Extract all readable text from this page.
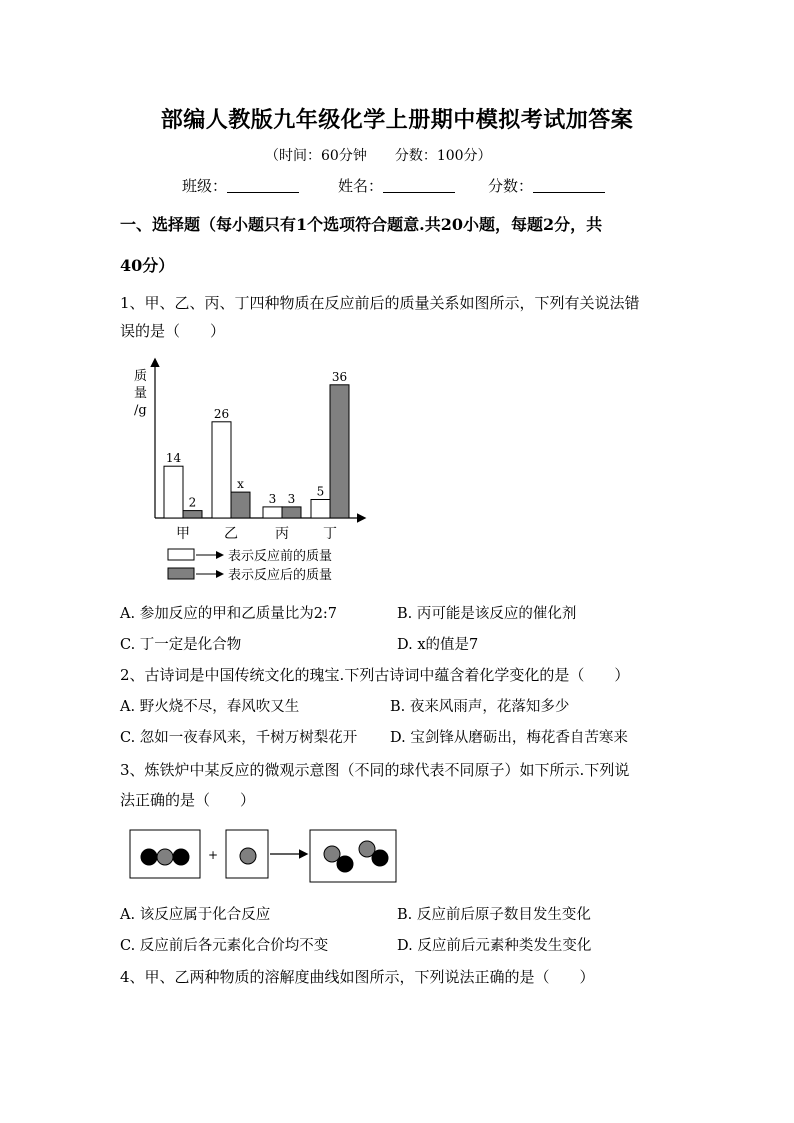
部编人教版九年级化学上册期中模拟考试加答案
（时间：60分钟　　分数：100分）
班级：	姓名：	分数：
一、选择题（每小题只有1个选项符合题意.共20小题，每题2分，共
40分）
1、甲、乙、丙、丁四种物质在反应前后的质量关系如图所示，下列有关说法错
误的是（　　）
质
量
/g
14
2
甲
26
x
乙
3 3
丙
5
36
丁
表示反应前的质量
表示反应后的质量
A. 参加反应的甲和乙质量比为2:7	B. 丙可能是该反应的催化剂
C. 丁一定是化合物	D. x的值是7
2、古诗词是中国传统文化的瑰宝.下列古诗词中蕴含着化学变化的是（　　）
A. 野火烧不尽，春风吹又生	B. 夜来风雨声，花落知多少
C. 忽如一夜春风来，千树万树梨花开 D. 宝剑锋从磨砺出，梅花香自苦寒来
3、炼铁炉中某反应的微观示意图（不同的球代表不同原子）如下所示.下列说
法正确的是（　　）
+
A. 该反应属于化合反应	B. 反应前后原子数目发生变化
C. 反应前后各元素化合价均不变	D. 反应前后元素种类发生变化
4、甲、乙两种物质的溶解度曲线如图所示，下列说法正确的是（　　）
